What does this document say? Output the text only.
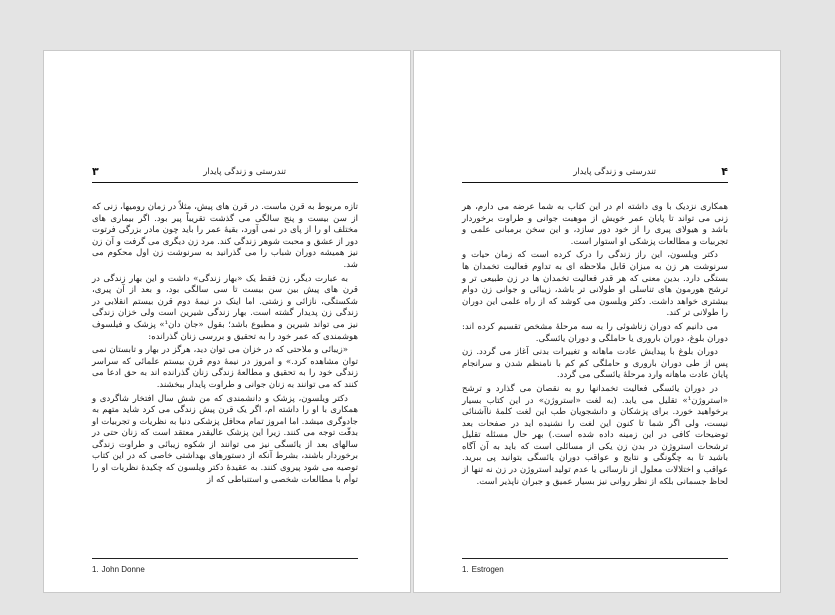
۳	تندرستی و زندگی پایدار

تازه مربوط به قرن ماست. در قرن های پیش، مثلاً در زمان رومیها، زنی که از سن بیست و پنج سالگی می گذشت تقریباً پیر بود. اگر بیماری های مختلف او را از پای در نمی آورد، بقیهٔ عمر را باید چون مادر بزرگی فرتوت دور از عشق و محبت شوهر زندگی کند. مرد زن دیگری می گرفت و آن زن نیز همیشه دوران شباب را می گذرانید به سرنوشت زن اول محکوم می شد.

به عبارت دیگر، زن فقط یک «بهار زندگی» داشت و این بهار زندگی در قرن های پیش بین سن بیست تا سی سالگی بود، و بعد از آن پیری، شکستگی، نازائی و زشتی. اما اینک در نیمهٔ دوم قرن بیستم انقلابی در زندگی زن پدیدار گشته است. بهار زندگی شیرین است ولی خزان زندگی نیز می تواند شیرین و مطبوع باشد؛ بقول «جان دان¹» پزشک و فیلسوف هوشمندی که عمر خود را به تحقیق و بررسی زنان گذرانده:

«زیبائی و ملاحتی که در خزان می توان دید، هرگز در بهار و تابستان نمی توان مشاهده کرد.» و امروز در نیمهٔ دوم قرن بیستم علمائی که سراسر زندگی خود را به تحقیق و مطالعهٔ زندگی زنان گذرانده اند به حق ادعا می کنند که می توانند به زنان جوانی و طراوت پایدار ببخشند.

دکتر ویلسون، پزشک و دانشمندی که من شش سال افتخار شاگردی و همکاری با او را داشته ام، اگر یک قرن پیش زندگی می کرد شاید متهم به جادوگری میشد. اما امروز تمام محافل پزشکی دنیا به نظریات و تجربیات او بدقّت توجه می کنند. زیرا این پزشک عالیقدر معتقد است که زنان حتی در سالهای بعد از یائسگی نیز می توانند از شکوه زیبائی و طراوت زندگی برخوردار باشند، بشرط آنکه از دستورهای بهداشتی خاصی که در این کتاب توصیه می شود پیروی کنند. به عقیدهٔ دکتر ویلسون که چکیدهٔ نظریات او را توأم با مطالعات شخصی و استنباطی که از

1. John Donne
۴
تندرستی و زندگی پایدار

همکاری نزدیک با وی داشته ام در این کتاب به شما عرضه می دارم، هر زنی می تواند تا پایان عمر خویش از موهبت جوانی و طراوت برخوردار باشد و هیولای پیری را از خود دور سازد، و این سخن برمبانی علمی و تجربیات و مطالعات پزشکی او استوار است.

دکتر ویلسون، این راز زندگی را درک کرده است که زمان حیات و سرنوشت هر زن به میزان قابل ملاحظه ای به تداوم فعالیت تخمدان ها بستگی دارد. بدین معنی که هر قدر فعالیت تخمدان ها در زن طبیعی تر و ترشح هورمون های تناسلی او طولانی تر باشد، زیبائی و جوانی زن دوام بیشتری خواهد داشت. دکتر ویلسون می کوشد که از راه علمی این دوران را طولانی تر کند.

می دانیم که دوران زناشوئی را به سه مرحلهٔ مشخص تقسیم کرده اند: دوران بلوغ، دوران باروری یا حاملگی و دوران یائسگی.

دوران بلوغ با پیدایش عادت ماهانه و تغییرات بدنی آغاز می گردد. زن پس از طی دوران باروری و حاملگی کم کم با نامنظم شدن و سرانجام پایان عادت ماهانه وارد مرحلهٔ یائسگی می گردد.

در دوران یائسگی فعالیت تخمدانها رو به نقصان می گذارد و ترشح «استروژن¹» تقلیل می یابد. (به لغت «استروژن» در این کتاب بسیار برخواهید خورد. برای پزشکان و دانشجویان طب این لغت کلمهٔ ناآشنائی نیست، ولی اگر شما تا کنون این لغت را نشنیده اید در صفحات بعد توضیحات کافی در این زمینه داده شده است.) بهر حال مسئله تقلیل ترشحات استروژن در بدن زن یکی از مسائلی است که باید به آن آگاه باشید تا به چگونگی و نتایج و عواقب دوران یائسگی بتوانید پی ببرید. عواقب و اختلالات معلول از نارسائی یا عدم تولید استروژن در زن نه تنها از لحاظ جسمانی بلکه از نظر روانی نیز بسیار عمیق و جبران ناپذیر است.

1. Estrogen
